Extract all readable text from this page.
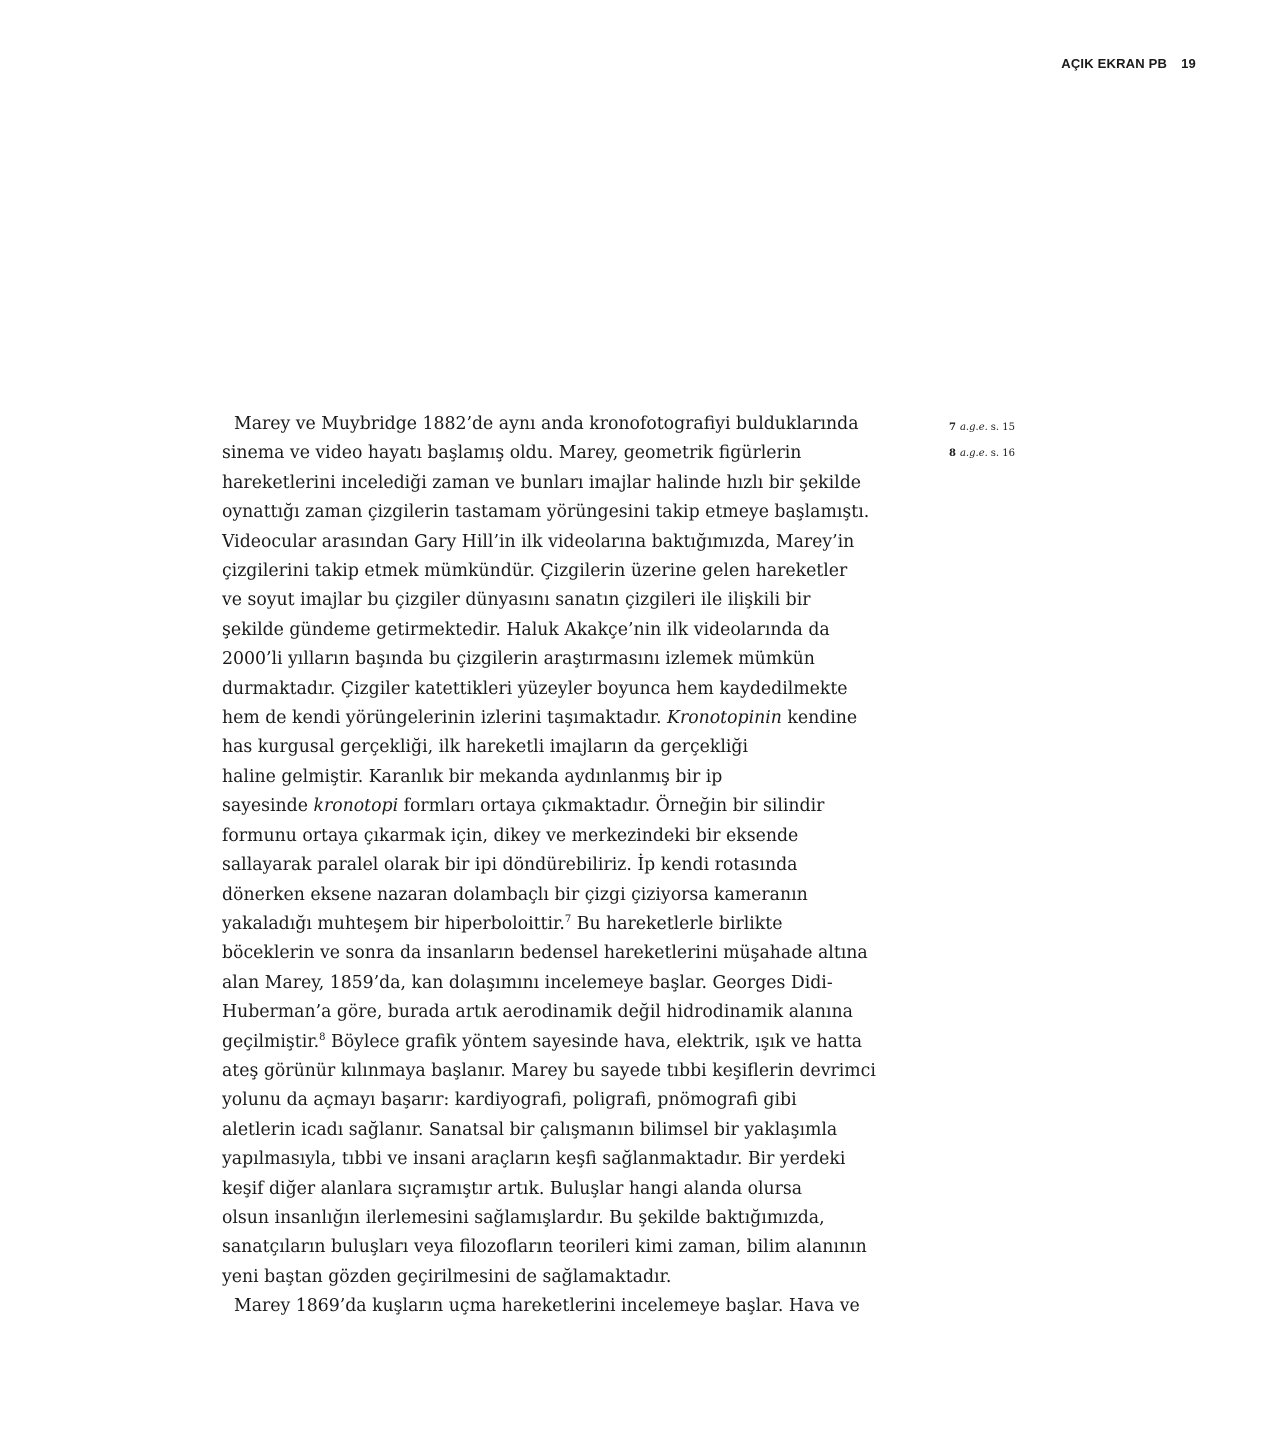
AÇIK EKRAN PB 19
Marey ve Muybridge 1882’de aynı anda kronofotografiyi bulduklarında
sinema ve video hayatı başlamış oldu. Marey, geometrik figürlerin
hareketlerini incelediği zaman ve bunları imajlar halinde hızlı bir şekilde
oynattığı zaman çizgilerin tastamam yörüngesini takip etmeye başlamıştı.
Videocular arasından Gary Hill’in ilk videolarına baktığımızda, Marey’in
çizgilerini takip etmek mümkündür. Çizgilerin üzerine gelen hareketler
ve soyut imajlar bu çizgiler dünyasını sanatın çizgileri ile ilişkili bir
şekilde gündeme getirmektedir. Haluk Akakçe’nin ilk videolarında da
2000’li yılların başında bu çizgilerin araştırmasını izlemek mümkün
durmaktadır. Çizgiler katettikleri yüzeyler boyunca hem kaydedilmekte
hem de kendi yörüngelerinin izlerini taşımaktadır. Kronotopinin kendine
has kurgusal gerçekliği, ilk hareketli imajların da gerçekliği
haline gelmiştir. Karanlık bir mekanda aydınlanmış bir ip
sayesinde kronotopi formları ortaya çıkmaktadır. Örneğin bir silindir
formunu ortaya çıkarmak için, dikey ve merkezindeki bir eksende
sallayarak paralel olarak bir ipi döndürebiliriz. İp kendi rotasında
dönerken eksene nazaran dolambaçlı bir çizgi çiziyorsa kameranın
yakaladığı muhteşem bir hiperboloittir.$^7$ Bu hareketlerle birlikte
böceklerin ve sonra da insanların bedensel hareketlerini müşahade altına
alan Marey, 1859’da, kan dolaşımını incelemeye başlar. Georges Didi-
Huberman’a göre, burada artık aerodinamik değil hidrodinamik alanına
geçilmiştir.$^8$ Böylece grafik yöntem sayesinde hava, elektrik, ışık ve hatta
ateş görünür kılınmaya başlanır. Marey bu sayede tıbbi keşiflerin devrimci
yolunu da açmayı başarır: kardiyografi, poligrafi, pnömografi gibi
aletlerin icadı sağlanır. Sanatsal bir çalışmanın bilimsel bir yaklaşımla
yapılmasıyla, tıbbi ve insani araçların keşfi sağlanmaktadır. Bir yerdeki
keşif diğer alanlara sıçramıştır artık. Buluşlar hangi alanda olursa
olsun insanlığın ilerlemesini sağlamışlardır. Bu şekilde baktığımızda,
sanatçıların buluşları veya filozofların teorileri kimi zaman, bilim alanının
yeni baştan gözden geçirilmesini de sağlamaktadır.
Marey 1869’da kuşların uçma hareketlerini incelemeye başlar. Hava ve
7 a.g.e. s. 15
8 a.g.e. s. 16
